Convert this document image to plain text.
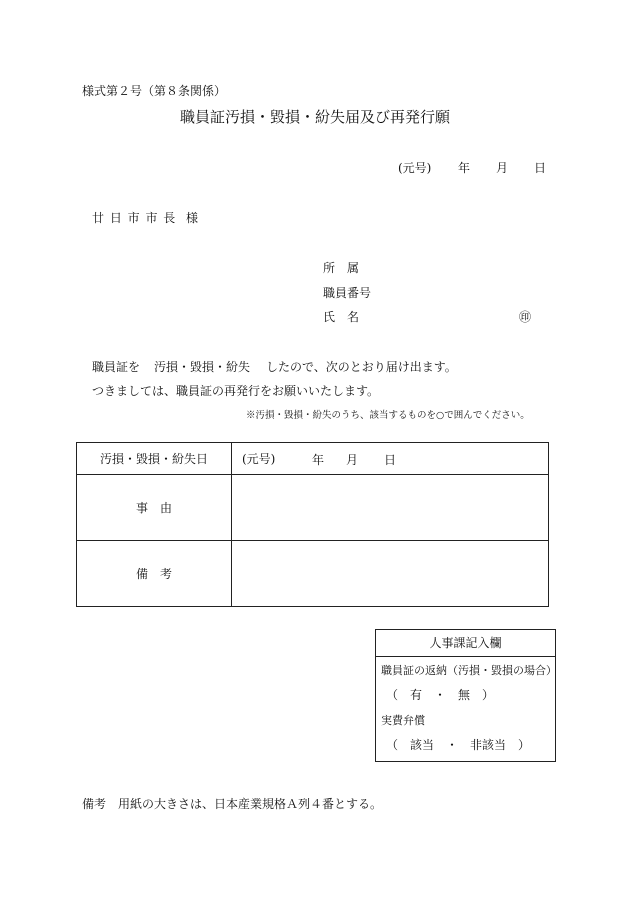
様式第２号（第８条関係）
職員証汚損・毀損・紛失届及び再発行願
(元号) 年 月 日
廿 日 市 市 長 様
所　属
職員番号
氏　名	㊞
職員証を 汚損・毀損・紛失 したので、次のとおり届け出ます。
つきましては、職員証の再発行をお願いいたします。
※汚損・毀損・紛失のうち、該当するものを○で囲んでください。
汚損・毀損・紛失日	(元号) 年 月 日

事　由	
備　考	
人事課記入欄
職員証の返納（汚損・毀損の場合）
（　有　・　無　）
実費弁償
（　該当　・　非該当　）
備考　用紙の大きさは、日本産業規格Ａ列４番とする。
